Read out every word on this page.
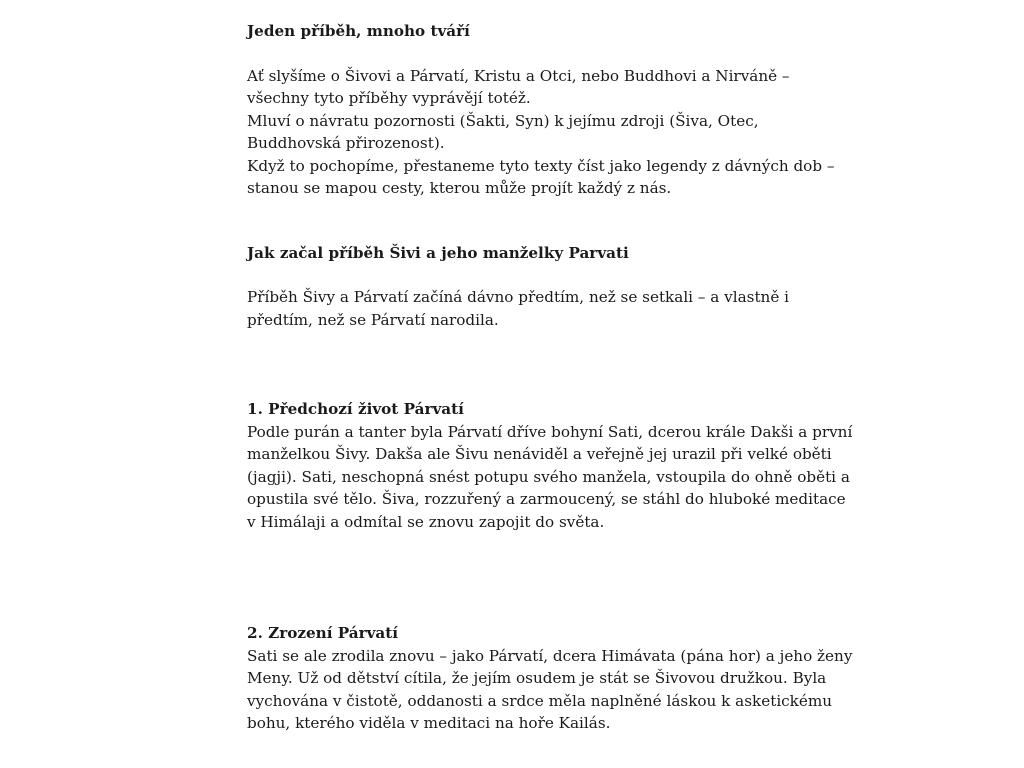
Jeden příběh, mnoho tváří

Ať slyšíme o Šivovi a Párvatí, Kristu a Otci, nebo Buddhovi a Nirváně –
všechny tyto příběhy vyprávějí totéž.
Mluví o návratu pozornosti (Šakti, Syn) k jejímu zdroji (Šiva, Otec,
Buddhovská přirozenost).
Když to pochopíme, přestaneme tyto texty číst jako legendy z dávných dob –
stanou se mapou cesty, kterou může projít každý z nás.

Jak začal příběh Šivi a jeho manželky Parvati

Příběh Šivy a Párvatí začíná dávno předtím, než se setkali – a vlastně i
předtím, než se Párvatí narodila.

1. Předchozí život Párvatí

Podle purán a tanter byla Párvatí dříve bohyní Sati, dcerou krále Dakši a první
manželkou Šivy. Dakša ale Šivu nenáviděl a veřejně jej urazil při velké oběti
(jagji). Sati, neschopná snést potupu svého manžela, vstoupila do ohně oběti a
opustila své tělo. Šiva, rozzuřený a zarmoucený, se stáhl do hluboké meditace
v Himálaji a odmítal se znovu zapojit do světa.

2. Zrození Párvatí

Sati se ale zrodila znovu – jako Párvatí, dcera Himávata (pána hor) a jeho ženy
Meny. Už od dětství cítila, že jejím osudem je stát se Šivovou družkou. Byla
vychována v čistotě, oddanosti a srdce měla naplněné láskou k asketickému
bohu, kterého viděla v meditaci na hoře Kailás.
